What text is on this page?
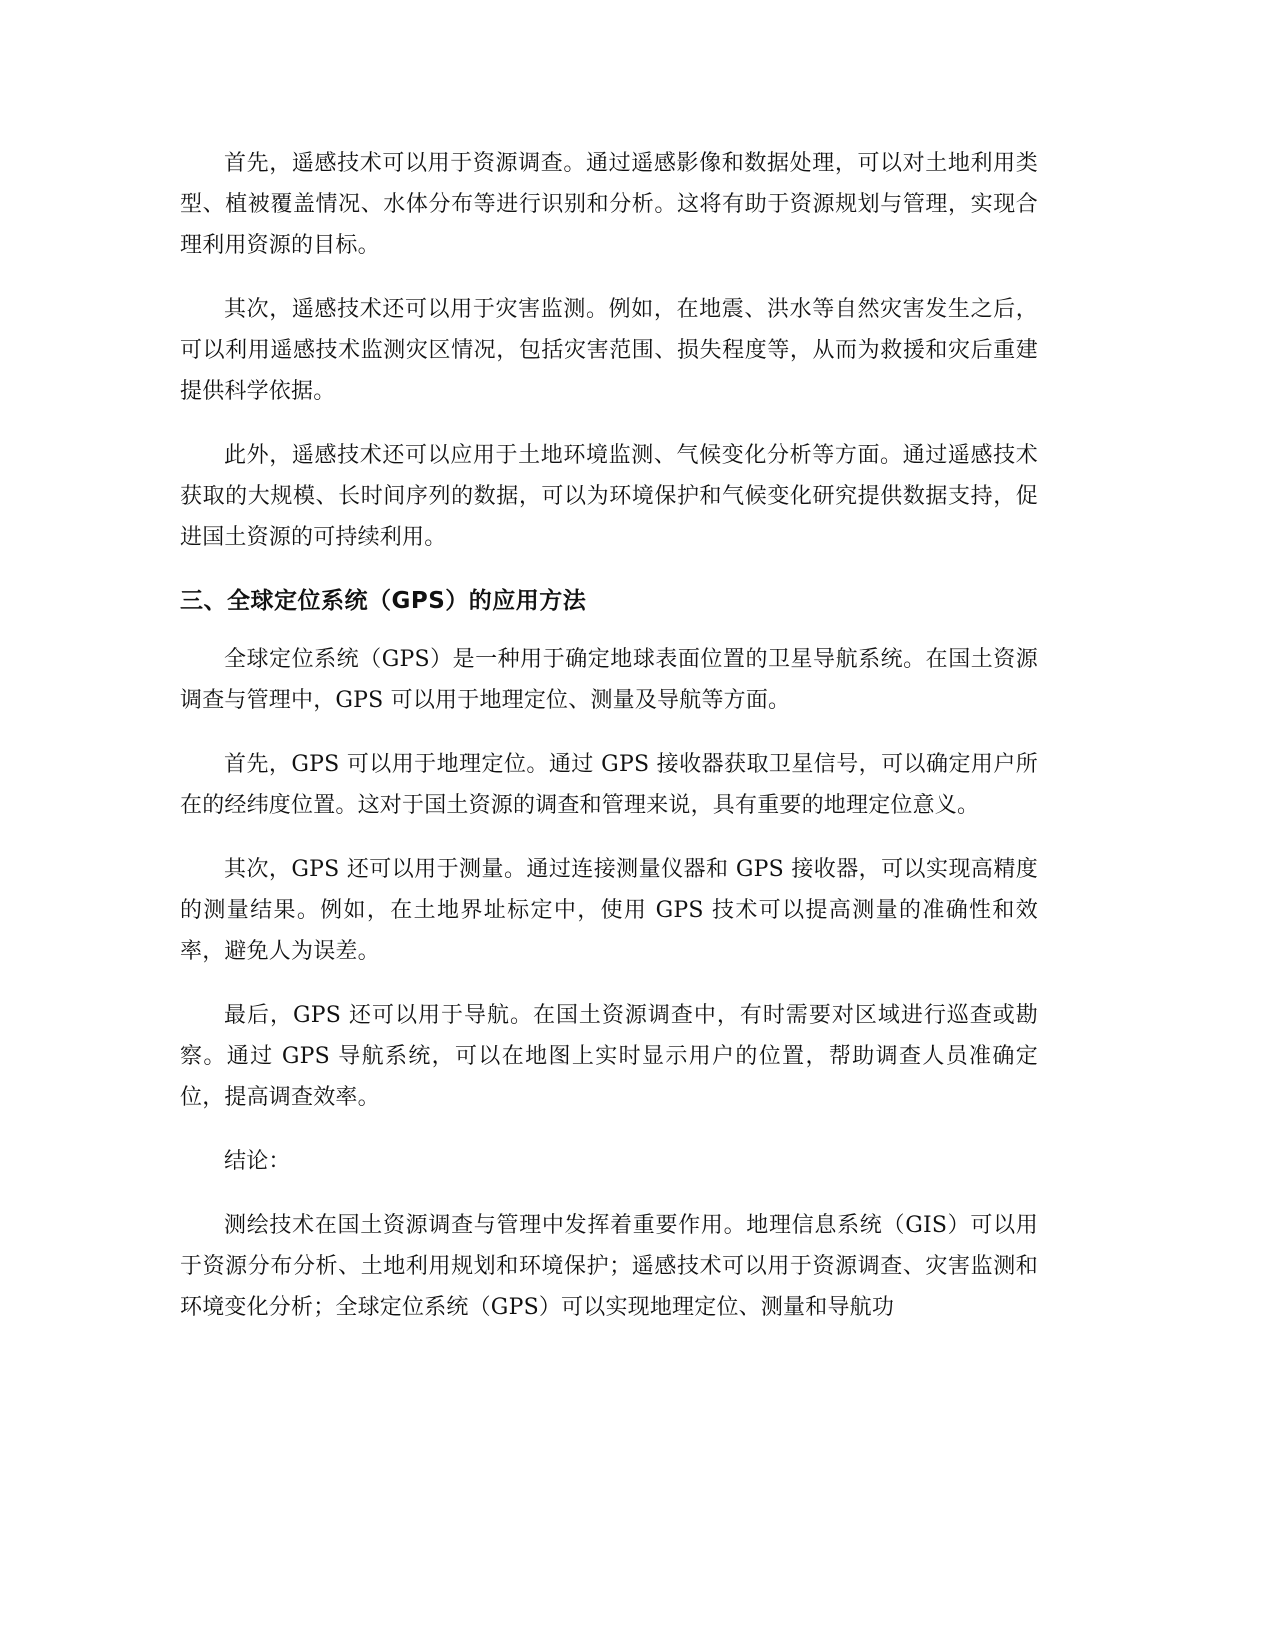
首先，遥感技术可以用于资源调查。通过遥感影像和数据处理，可以对土地利用类型、植被覆盖情况、水体分布等进行识别和分析。这将有助于资源规划与管理，实现合理利用资源的目标。

其次，遥感技术还可以用于灾害监测。例如，在地震、洪水等自然灾害发生之后，可以利用遥感技术监测灾区情况，包括灾害范围、损失程度等，从而为救援和灾后重建提供科学依据。

此外，遥感技术还可以应用于土地环境监测、气候变化分析等方面。通过遥感技术获取的大规模、长时间序列的数据，可以为环境保护和气候变化研究提供数据支持，促进国土资源的可持续利用。

三、全球定位系统（GPS）的应用方法

全球定位系统（GPS）是一种用于确定地球表面位置的卫星导航系统。在国土资源调查与管理中，GPS 可以用于地理定位、测量及导航等方面。

首先，GPS 可以用于地理定位。通过 GPS 接收器获取卫星信号，可以确定用户所在的经纬度位置。这对于国土资源的调查和管理来说，具有重要的地理定位意义。

其次，GPS 还可以用于测量。通过连接测量仪器和 GPS 接收器，可以实现高精度的测量结果。例如，在土地界址标定中，使用 GPS 技术可以提高测量的准确性和效率，避免人为误差。

最后，GPS 还可以用于导航。在国土资源调查中，有时需要对区域进行巡查或勘察。通过 GPS 导航系统，可以在地图上实时显示用户的位置，帮助调查人员准确定位，提高调查效率。

结论：

测绘技术在国土资源调查与管理中发挥着重要作用。地理信息系统（GIS）可以用于资源分布分析、土地利用规划和环境保护；遥感技术可以用于资源调查、灾害监测和环境变化分析；全球定位系统（GPS）可以实现地理定位、测量和导航功
